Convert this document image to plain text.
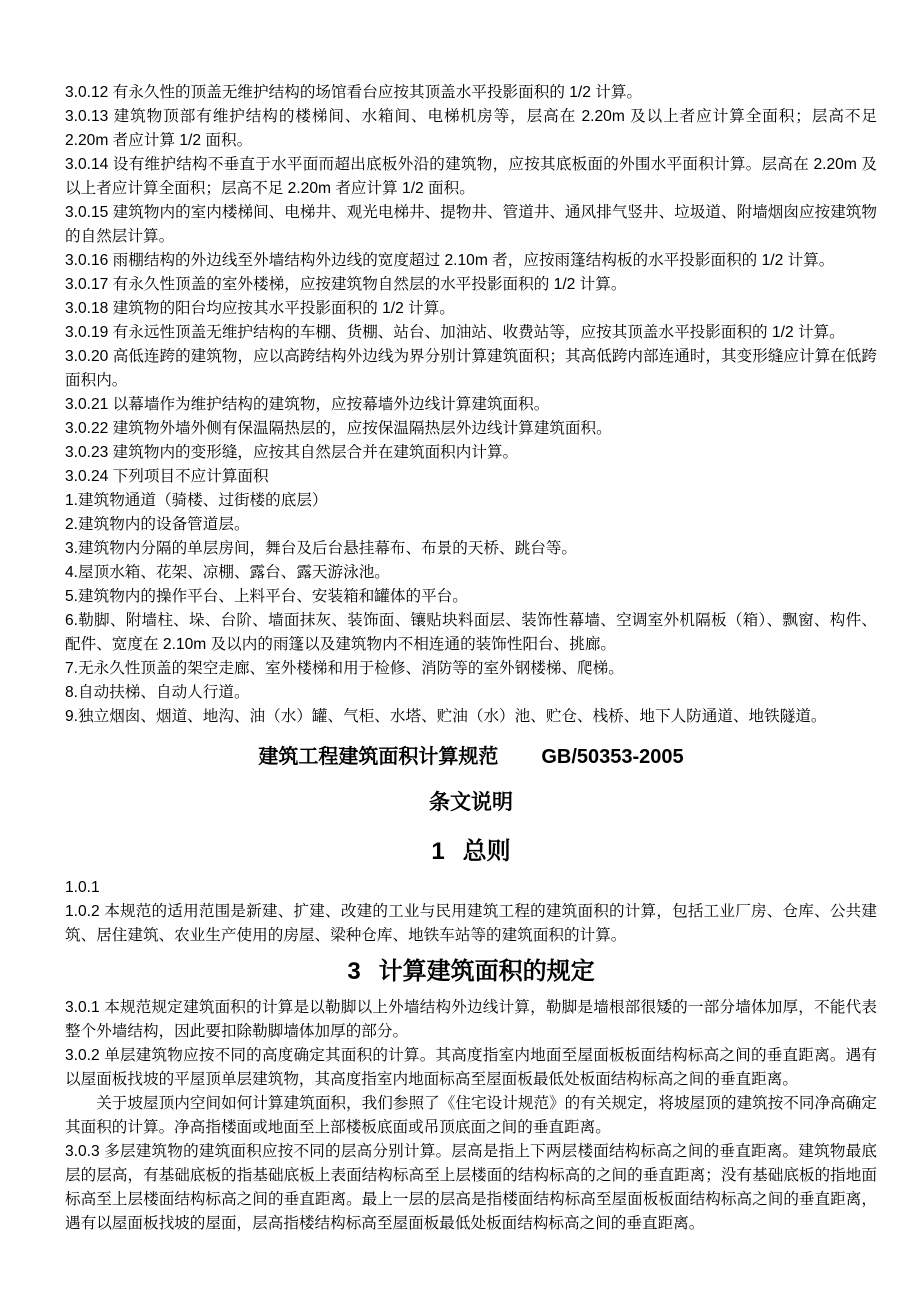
3.0.12 有永久性的顶盖无维护结构的场馆看台应按其顶盖水平投影面积的 1/2 计算。

3.0.13 建筑物顶部有维护结构的楼梯间、水箱间、电梯机房等，层高在 2.20m 及以上者应计算全面积；层高不足 2.20m 者应计算 1/2 面积。

3.0.14 设有维护结构不垂直于水平面而超出底板外沿的建筑物，应按其底板面的外围水平面积计算。层高在 2.20m 及以上者应计算全面积；层高不足 2.20m 者应计算 1/2 面积。

3.0.15 建筑物内的室内楼梯间、电梯井、观光电梯井、提物井、管道井、通风排气竖井、垃圾道、附墙烟囱应按建筑物的自然层计算。

3.0.16 雨棚结构的外边线至外墙结构外边线的宽度超过 2.10m 者，应按雨篷结构板的水平投影面积的 1/2 计算。

3.0.17 有永久性顶盖的室外楼梯，应按建筑物自然层的水平投影面积的 1/2 计算。

3.0.18 建筑物的阳台均应按其水平投影面积的 1/2 计算。

3.0.19 有永远性顶盖无维护结构的车棚、货棚、站台、加油站、收费站等，应按其顶盖水平投影面积的 1/2 计算。

3.0.20 高低连跨的建筑物，应以高跨结构外边线为界分别计算建筑面积；其高低跨内部连通时，其变形缝应计算在低跨面积内。

3.0.21 以幕墙作为维护结构的建筑物，应按幕墙外边线计算建筑面积。

3.0.22 建筑物外墙外侧有保温隔热层的，应按保温隔热层外边线计算建筑面积。

3.0.23 建筑物内的变形缝，应按其自然层合并在建筑面积内计算。

3.0.24 下列项目不应计算面积

1.建筑物通道（骑楼、过街楼的底层）

2.建筑物内的设备管道层。

3.建筑物内分隔的单层房间，舞台及后台悬挂幕布、布景的天桥、跳台等。

4.屋顶水箱、花架、凉棚、露台、露天游泳池。

5.建筑物内的操作平台、上料平台、安装箱和罐体的平台。

6.勒脚、附墙柱、垛、台阶、墙面抹灰、装饰面、镶贴块料面层、装饰性幕墙、空调室外机隔板（箱）、飘窗、构件、配件、宽度在 2.10m 及以内的雨篷以及建筑物内不相连通的装饰性阳台、挑廊。

7.无永久性顶盖的架空走廊、室外楼梯和用于检修、消防等的室外钢楼梯、爬梯。

8.自动扶梯、自动人行道。

9.独立烟囱、烟道、地沟、油（水）罐、气柜、水塔、贮油（水）池、贮仓、栈桥、地下人防通道、地铁隧道。

建筑工程建筑面积计算规范 GB/50353-2005
条文说明
1 总则

1.0.1

1.0.2 本规范的适用范围是新建、扩建、改建的工业与民用建筑工程的建筑面积的计算，包括工业厂房、仓库、公共建筑、居住建筑、农业生产使用的房屋、梁种仓库、地铁车站等的建筑面积的计算。

3 计算建筑面积的规定

3.0.1 本规范规定建筑面积的计算是以勒脚以上外墙结构外边线计算，勒脚是墙根部很矮的一部分墙体加厚，不能代表整个外墙结构，因此要扣除勒脚墙体加厚的部分。

3.0.2 单层建筑物应按不同的高度确定其面积的计算。其高度指室内地面至屋面板板面结构标高之间的垂直距离。遇有以屋面板找坡的平屋顶单层建筑物，其高度指室内地面标高至屋面板最低处板面结构标高之间的垂直距离。

关于坡屋顶内空间如何计算建筑面积，我们参照了《住宅设计规范》的有关规定，将坡屋顶的建筑按不同净高确定其面积的计算。净高指楼面或地面至上部楼板底面或吊顶底面之间的垂直距离。

3.0.3 多层建筑物的建筑面积应按不同的层高分别计算。层高是指上下两层楼面结构标高之间的垂直距离。建筑物最底层的层高，有基础底板的指基础底板上表面结构标高至上层楼面的结构标高的之间的垂直距离；没有基础底板的指地面标高至上层楼面结构标高之间的垂直距离。最上一层的层高是指楼面结构标高至屋面板板面结构标高之间的垂直距离，遇有以屋面板找坡的屋面，层高指楼结构标高至屋面板最低处板面结构标高之间的垂直距离。
